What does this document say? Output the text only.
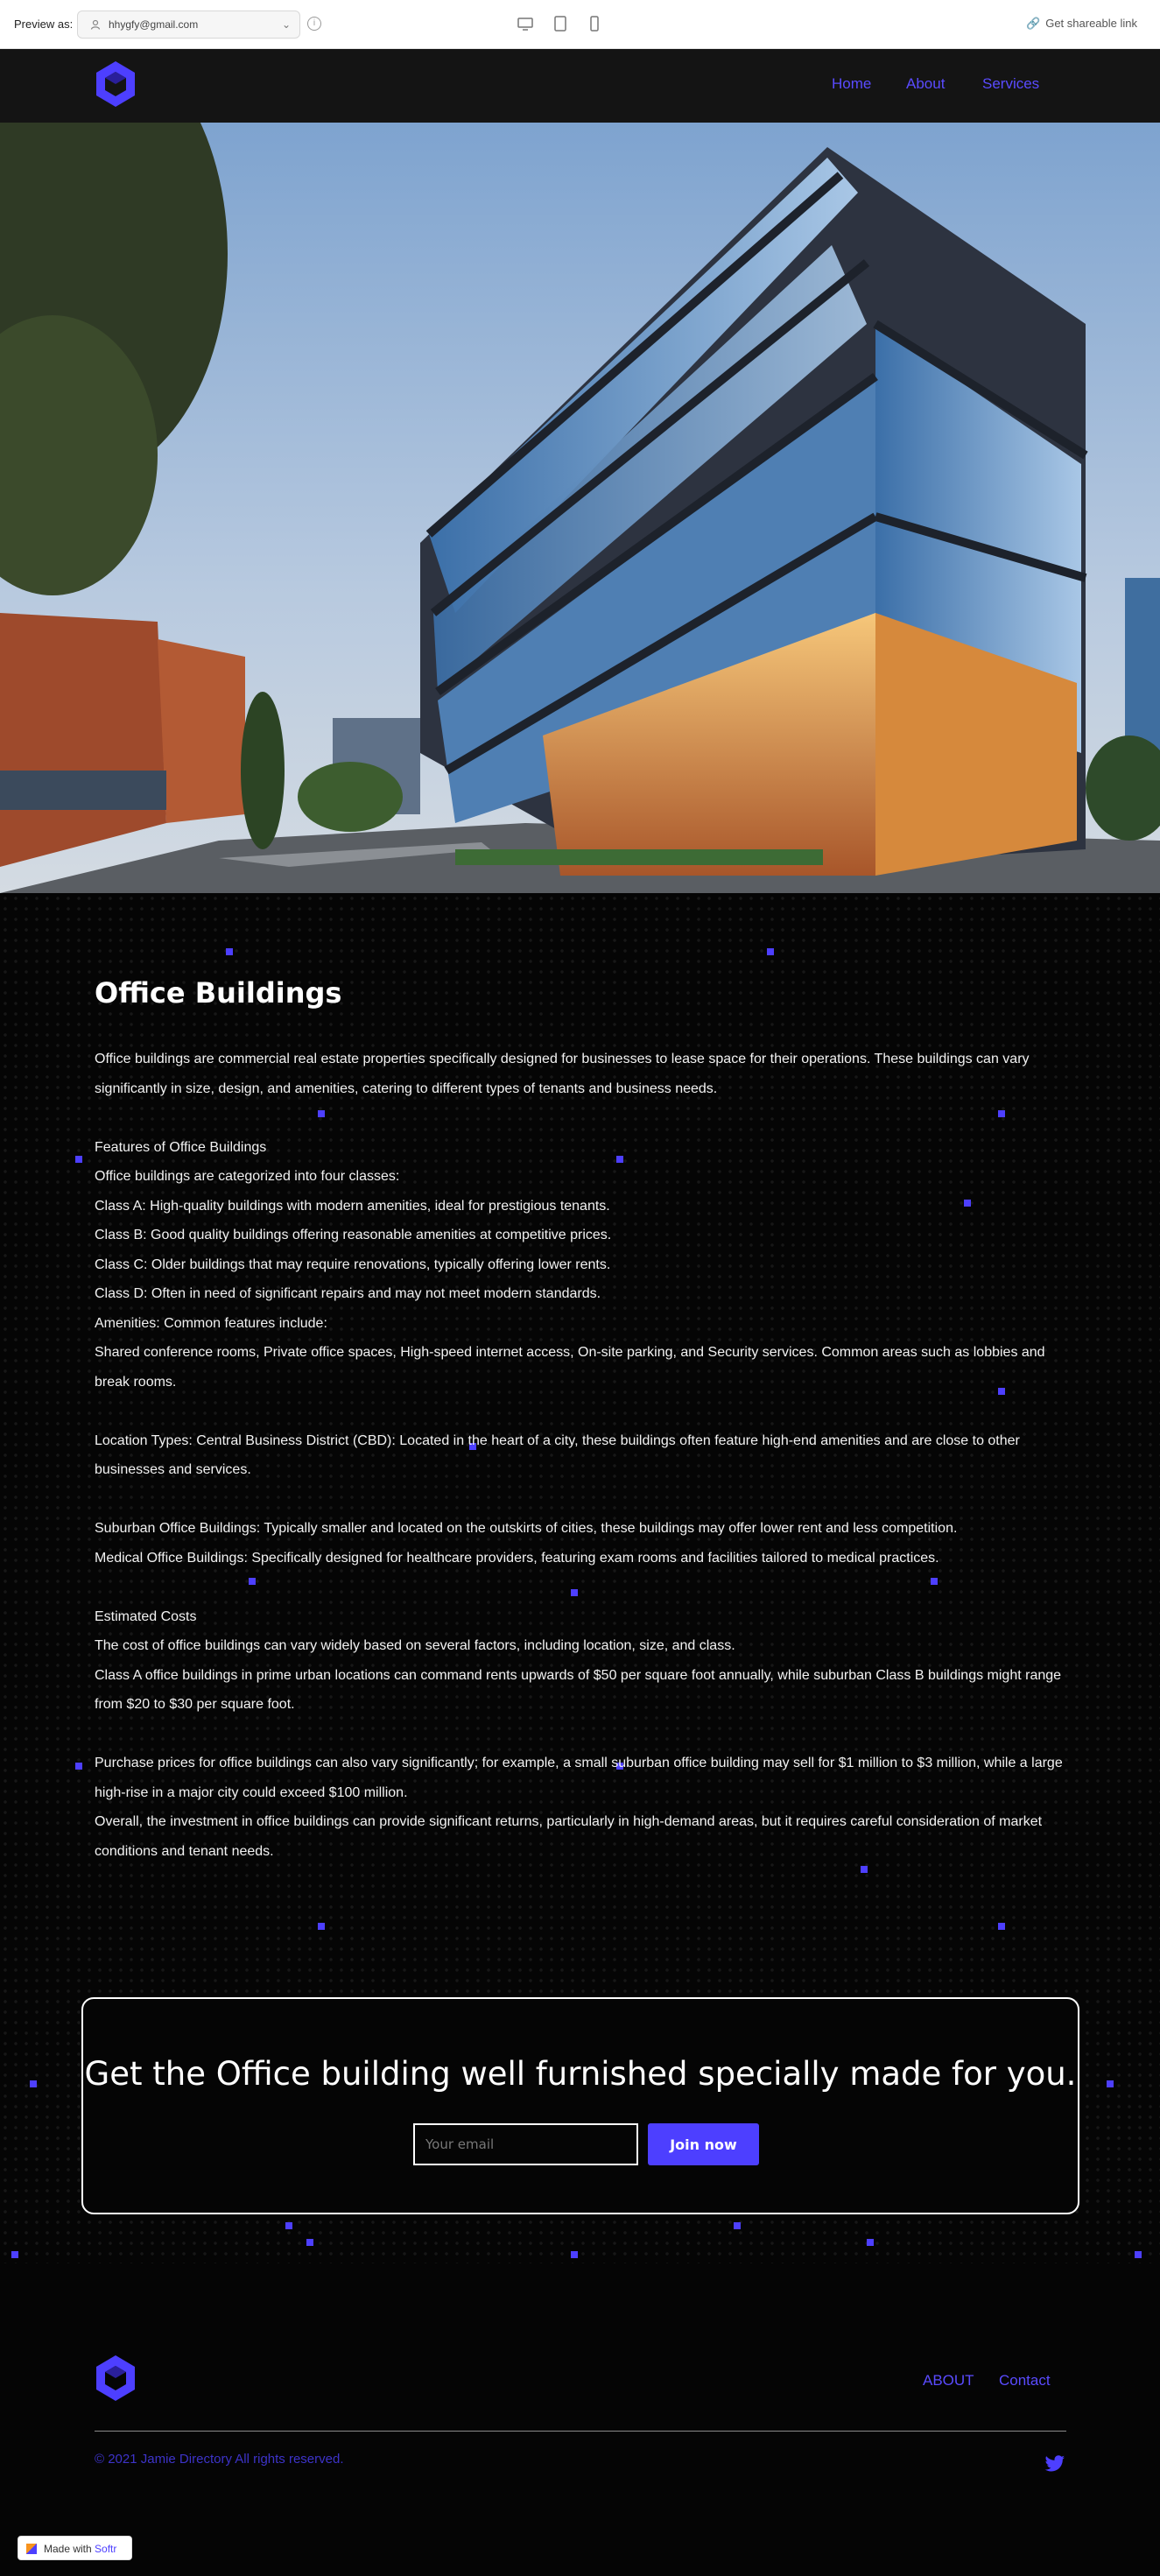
Preview as:	hhygfy@gmail.com	⌄	i	🔗 Get shareable link
Home About	Services
Office Buildings

Office buildings are commercial real estate properties specifically designed for businesses to lease space for their operations. These buildings can vary significantly in size, design, and amenities, catering to different types of tenants and business needs.

Features of Office Buildings

Office buildings are categorized into four classes:

Class A: High-quality buildings with modern amenities, ideal for prestigious tenants.

Class B: Good quality buildings offering reasonable amenities at competitive prices.

Class C: Older buildings that may require renovations, typically offering lower rents.

Class D: Often in need of significant repairs and may not meet modern standards.

Amenities: Common features include:

Shared conference rooms, Private office spaces, High-speed internet access, On-site parking, and Security services. Common areas such as lobbies and break rooms.

Location Types: Central Business District (CBD): Located in the heart of a city, these buildings often feature high-end amenities and are close to other businesses and services.

Suburban Office Buildings: Typically smaller and located on the outskirts of cities, these buildings may offer lower rent and less competition.

Medical Office Buildings: Specifically designed for healthcare providers, featuring exam rooms and facilities tailored to medical practices.

Estimated Costs

The cost of office buildings can vary widely based on several factors, including location, size, and class.

Class A office buildings in prime urban locations can command rents upwards of $50 per square foot annually, while suburban Class B buildings might range from $20 to $30 per square foot.

Purchase prices for office buildings can also vary significantly; for example, a small suburban office building may sell for $1 million to $3 million, while a large high-rise in a major city could exceed $100 million.

Overall, the investment in office buildings can provide significant returns, particularly in high-demand areas, but it requires careful consideration of market conditions and tenant needs.

Get the Office building well furnished specially made for you.
Your email
Join now
ABOUT Contact
© 2021 Jamie Directory All rights reserved.
Made with Softr
